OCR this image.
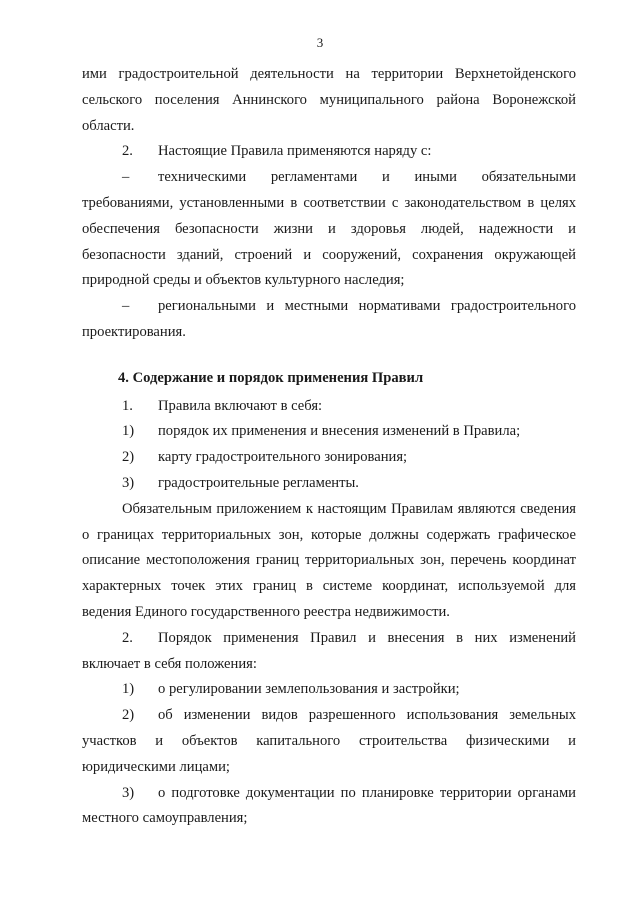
3

ими градостроительной деятельности на территории Верхнетойденского сельского поселения Аннинского муниципального района Воронежской области.

2. Настоящие Правила применяются наряду с:

– техническими регламентами и иными обязательными требованиями, установленными в соответствии с законодательством в целях обеспечения безопасности жизни и здоровья людей, надежности и безопасности зданий, строений и сооружений, сохранения окружающей природной среды и объектов культурного наследия;

– региональными и местными нормативами градостроительного проектирования.

4. Содержание и порядок применения Правил

1. Правила включают в себя:

1) порядок их применения и внесения изменений в Правила;

2) карту градостроительного зонирования;

3) градостроительные регламенты.

Обязательным приложением к настоящим Правилам являются сведения о границах территориальных зон, которые должны содержать графическое описание местоположения границ территориальных зон, перечень координат характерных точек этих границ в системе координат, используемой для ведения Единого государственного реестра недвижимости.

2. Порядок применения Правил и внесения в них изменений включает в себя положения:

1) о регулировании землепользования и застройки;

2) об изменении видов разрешенного использования земельных участков и объектов капитального строительства физическими и юридическими лицами;

3) о подготовке документации по планировке территории органами местного самоуправления;
